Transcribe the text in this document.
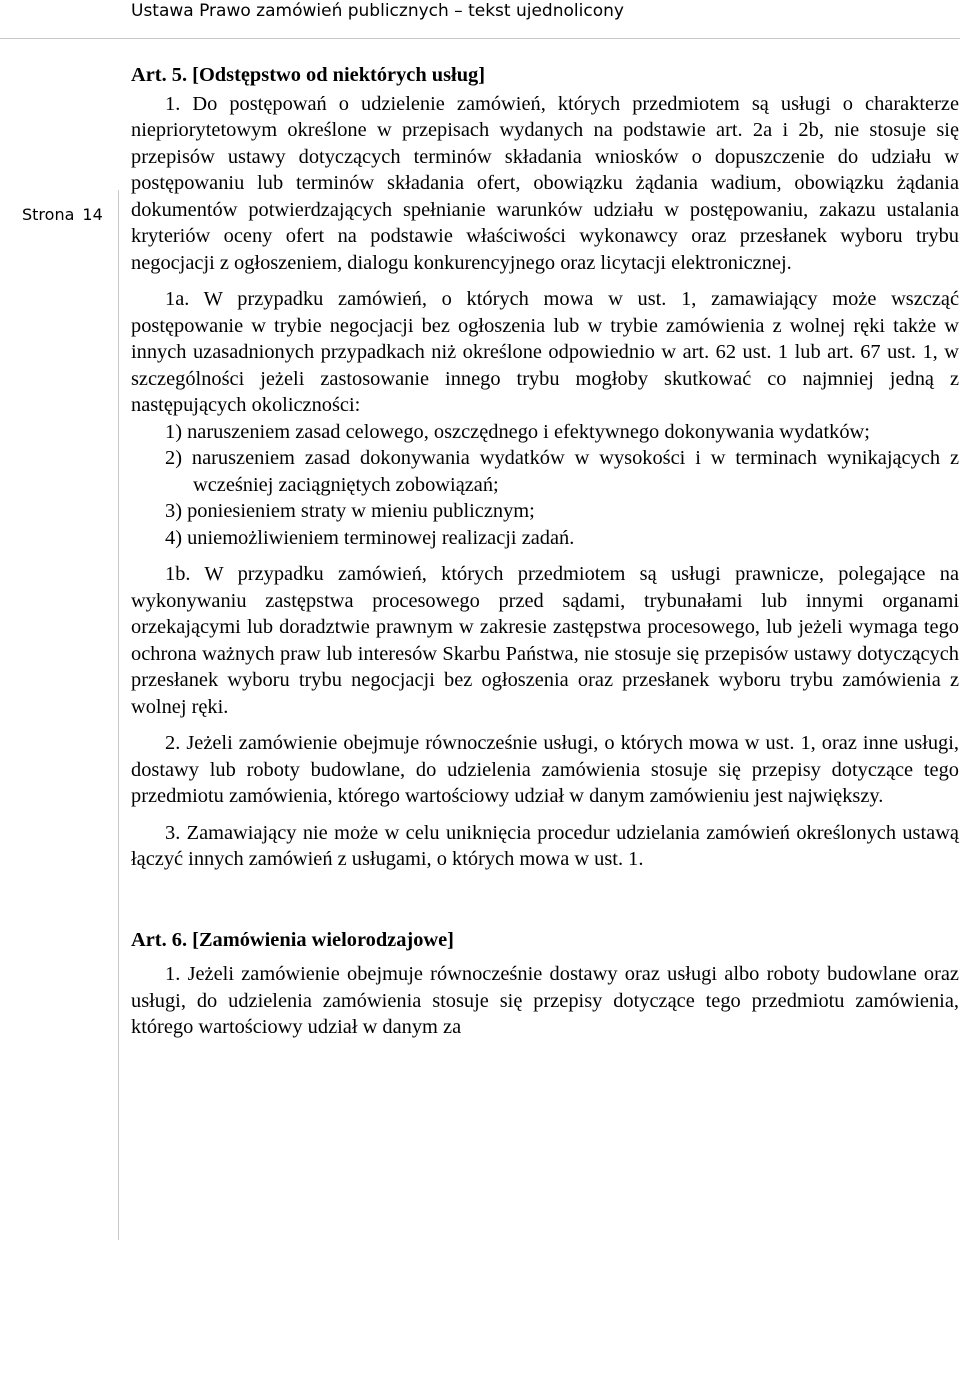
Ustawa Prawo zamówień publicznych – tekst ujednolicony
Strona 14

Art. 5. [Odstępstwo od niektórych usług]

1. Do postępowań o udzielenie zamówień, których przedmiotem są usługi o charakterze niepriorytetowym określone w przepisach wydanych na podstawie art. 2a i 2b, nie stosuje się przepisów ustawy dotyczących terminów składania wniosków o dopuszczenie do udziału w postępowaniu lub terminów składania ofert, obowiązku żądania wadium, obowiązku żądania dokumentów potwierdzających spełnianie warunków udziału w postępowaniu, zakazu ustalania kryteriów oceny ofert na podstawie właściwości wykonawcy oraz przesłanek wyboru trybu negocjacji z ogłoszeniem, dialogu konkurencyjnego oraz licytacji elektronicznej.

1a. W przypadku zamówień, o których mowa w ust. 1, zamawiający może wszcząć postępowanie w trybie negocjacji bez ogłoszenia lub w trybie zamówienia z wolnej ręki także w innych uzasadnionych przypadkach niż określone odpowiednio w art. 62 ust. 1 lub art. 67 ust. 1, w szczególności jeżeli zastosowanie innego trybu mogłoby skutkować co najmniej jedną z następujących okoliczności:

1) naruszeniem zasad celowego, oszczędnego i efektywnego dokonywania wydatków;

2) naruszeniem zasad dokonywania wydatków w wysokości i w terminach wynikających z wcześniej zaciągniętych zobowiązań;

3) poniesieniem straty w mieniu publicznym;

4) uniemożliwieniem terminowej realizacji zadań.

1b. W przypadku zamówień, których przedmiotem są usługi prawnicze, polegające na wykonywaniu zastępstwa procesowego przed sądami, trybunałami lub innymi organami orzekającymi lub doradztwie prawnym w zakresie zastępstwa procesowego, lub jeżeli wymaga tego ochrona ważnych praw lub interesów Skarbu Państwa, nie stosuje się przepisów ustawy dotyczących przesłanek wyboru trybu negocjacji bez ogłoszenia oraz przesłanek wyboru trybu zamówienia z wolnej ręki.

2. Jeżeli zamówienie obejmuje równocześnie usługi, o których mowa w ust. 1, oraz inne usługi, dostawy lub roboty budowlane, do udzielenia zamówienia stosuje się przepisy dotyczące tego przedmiotu zamówienia, którego wartościowy udział w danym zamówieniu jest największy.

3. Zamawiający nie może w celu uniknięcia procedur udzielania zamówień określonych ustawą łączyć innych zamówień z usługami, o których mowa w ust. 1.

Art. 6. [Zamówienia wielorodzajowe]

1. Jeżeli zamówienie obejmuje równocześnie dostawy oraz usługi albo roboty budowlane oraz usługi, do udzielenia zamówienia stosuje się przepisy dotyczące tego przedmiotu zamówienia, którego wartościowy udział w danym za
